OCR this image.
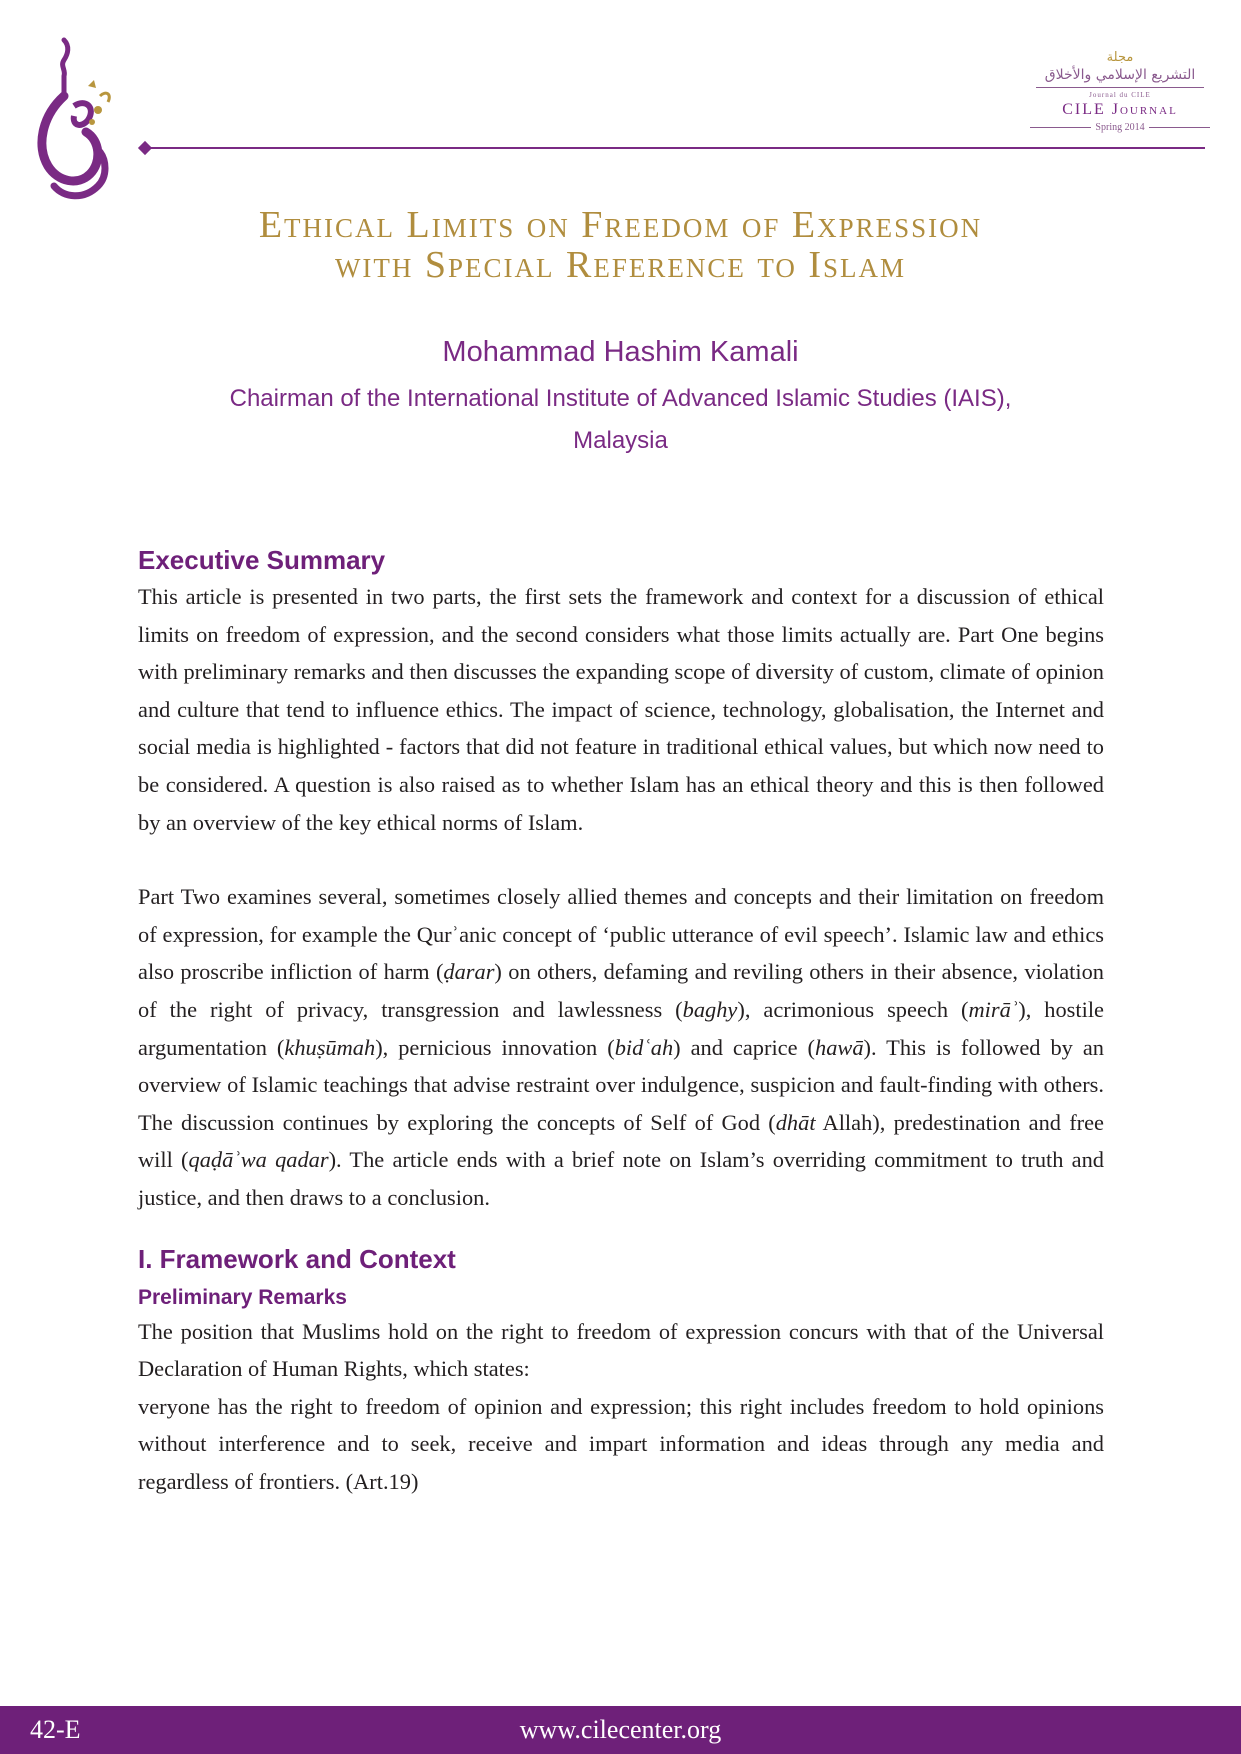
مجلة
التشريع الإسلامي والأخلاق
Journal du CILE
CILE Journal
Spring 2014
Ethical Limits on Freedom of Expression
with Special Reference to Islam
Mohammad Hashim Kamali
Chairman of the International Institute of Advanced Islamic Studies (IAIS),
Malaysia
Executive Summary

This article is presented in two parts, the first sets the framework and context for a discussion of ethical limits on freedom of expression, and the second considers what those limits actually are. Part One begins with preliminary remarks and then discusses the expanding scope of diversity of custom, climate of opinion and culture that tend to influence ethics. The impact of science, technology, globalisation, the Internet and social media is highlighted - factors that did not feature in traditional ethical values, but which now need to be considered. A question is also raised as to whether Islam has an ethical theory and this is then followed by an overview of the key ethical norms of Islam.

Part Two examines several, sometimes closely allied themes and concepts and their limitation on freedom of expression, for example the Qurʾanic concept of ‘public utterance of evil speech’. Islamic law and ethics also proscribe infliction of harm (ḍarar) on others, defaming and reviling others in their absence, violation of the right of privacy, transgression and lawlessness (baghy), acrimonious speech (mirāʾ), hostile argumentation (khuṣūmah), pernicious innovation (bidʿah) and caprice (hawā). This is followed by an overview of Islamic teachings that advise restraint over indulgence, suspicion and fault-finding with others. The discussion continues by exploring the concepts of Self of God (dhāt Allah), predestination and free will (qaḍāʾwa qadar). The article ends with a brief note on Islam’s overriding commitment to truth and justice, and then draws to a conclusion.

I. Framework and Context
Preliminary Remarks

The position that Muslims hold on the right to freedom of expression concurs with that of the Universal Declaration of Human Rights, which states:

veryone has the right to freedom of opinion and expression; this right includes freedom to hold opinions without interference and to seek, receive and impart information and ideas through any media and regardless of frontiers. (Art.19)

42-E	www.cilecenter.org
